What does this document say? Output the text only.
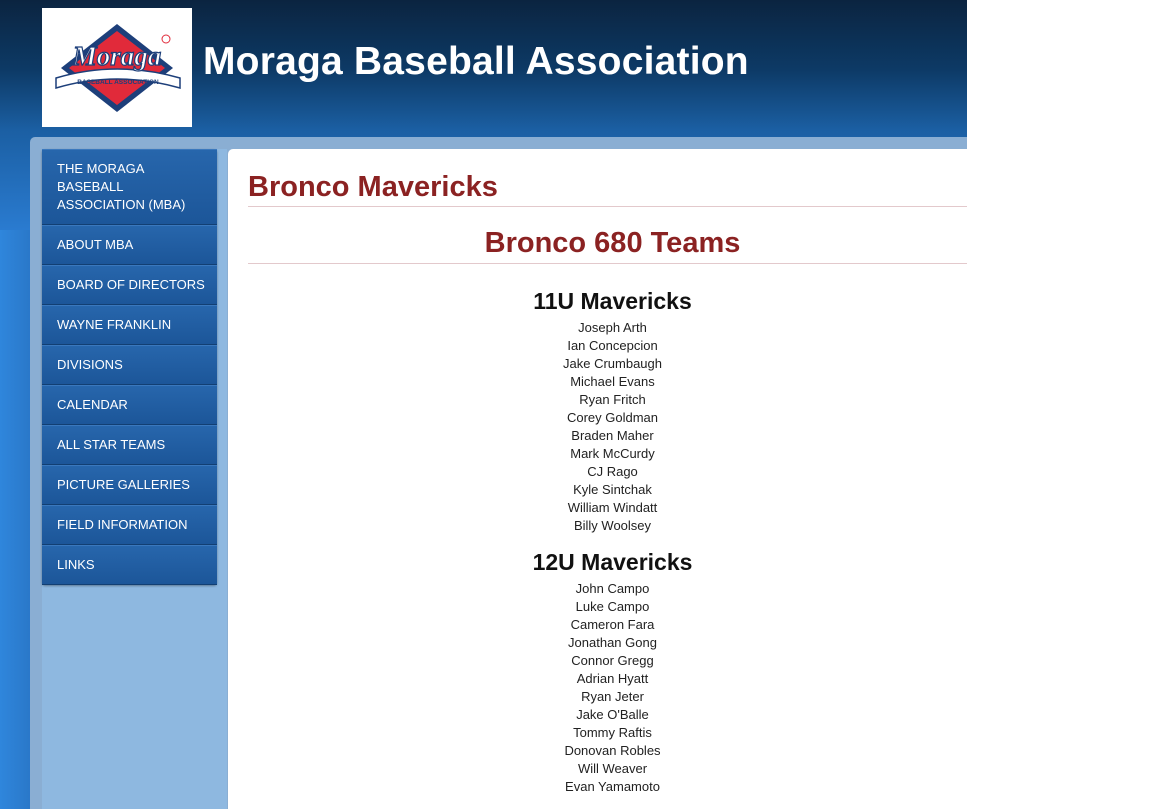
Moraga
BASEBALL ASSOCIATION Moraga Baseball Association
THE MORAGA BASEBALL ASSOCIATION (MBA)
ABOUT MBA
BOARD OF DIRECTORS
WAYNE FRANKLIN
DIVISIONS
CALENDAR
ALL STAR TEAMS
PICTURE GALLERIES
FIELD INFORMATION
LINKS
Bronco Mavericks
Bronco 680 Teams
11U Mavericks
Joseph Arth
Ian Concepcion
Jake Crumbaugh
Michael Evans
Ryan Fritch
Corey Goldman
Braden Maher
Mark McCurdy
CJ Rago
Kyle Sintchak
William Windatt
Billy Woolsey
12U Mavericks
John Campo
Luke Campo
Cameron Fara
Jonathan Gong
Connor Gregg
Adrian Hyatt
Ryan Jeter
Jake O'Balle
Tommy Raftis
Donovan Robles
Will Weaver
Evan Yamamoto
